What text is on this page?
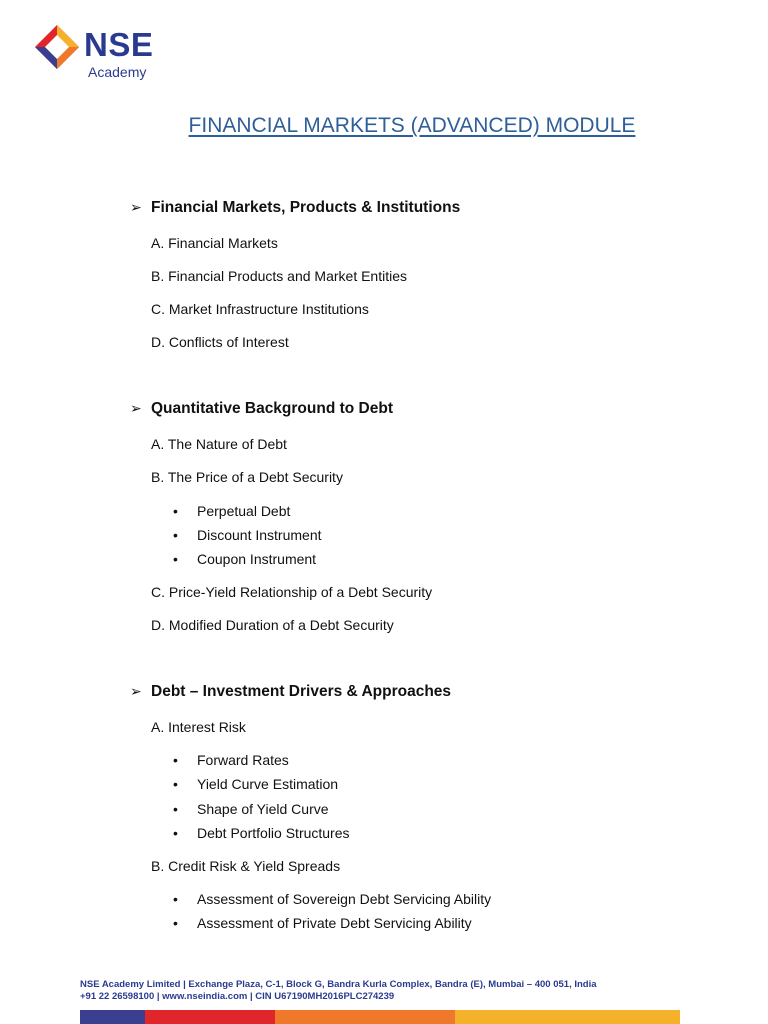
NSE
Academy
FINANCIAL MARKETS (ADVANCED) MODULE
➢ Financial Markets, Products & Institutions
A. Financial Markets
B. Financial Products and Market Entities
C. Market Infrastructure Institutions
D. Conflicts of Interest
➢ Quantitative Background to Debt
A. The Nature of Debt
B. The Price of a Debt Security
• Perpetual Debt
• Discount Instrument
• Coupon Instrument
C. Price-Yield Relationship of a Debt Security
D. Modified Duration of a Debt Security
➢ Debt – Investment Drivers & Approaches
A. Interest Risk
• Forward Rates
• Yield Curve Estimation
• Shape of Yield Curve
• Debt Portfolio Structures
B. Credit Risk & Yield Spreads
• Assessment of Sovereign Debt Servicing Ability
• Assessment of Private Debt Servicing Ability
NSE Academy Limited | Exchange Plaza, C-1, Block G, Bandra Kurla Complex, Bandra (E), Mumbai – 400 051, India
+91 22 26598100 | www.nseindia.com | CIN U67190MH2016PLC274239
